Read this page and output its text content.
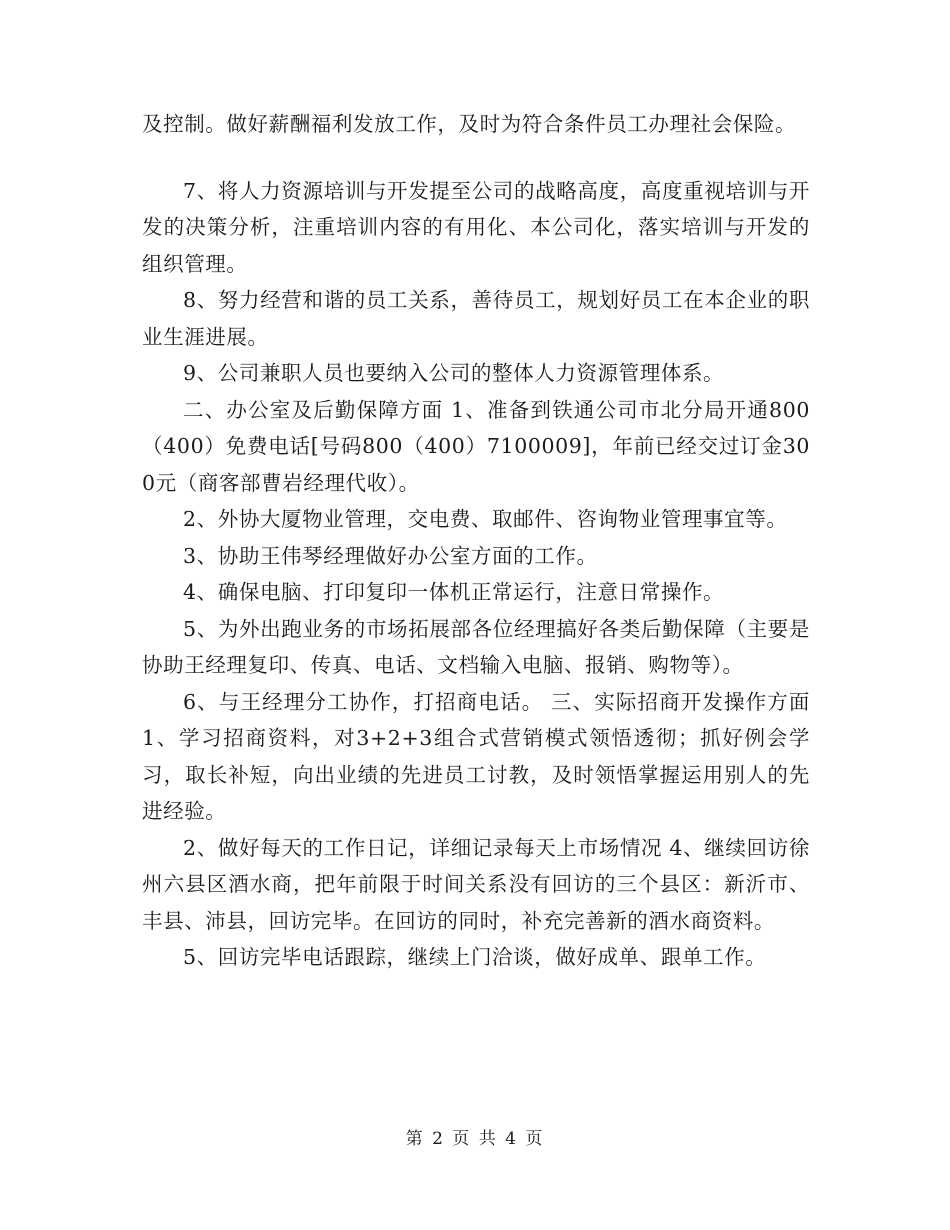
及控制。做好薪酬福利发放工作，及时为符合条件员工办理社会保险。

7、将人力资源培训与开发提至公司的战略高度，高度重视培训与开发的决策分析，注重培训内容的有用化、本公司化，落实培训与开发的组织管理。

8、努力经营和谐的员工关系，善待员工，规划好员工在本企业的职业生涯进展。

9、公司兼职人员也要纳入公司的整体人力资源管理体系。

二、办公室及后勤保障方面 1、准备到铁通公司市北分局开通800（400）免费电话[号码800（400）7100009]，年前已经交过订金300元（商客部曹岩经理代收）。

2、外协大厦物业管理，交电费、取邮件、咨询物业管理事宜等。

3、协助王伟琴经理做好办公室方面的工作。

4、确保电脑、打印复印一体机正常运行，注意日常操作。

5、为外出跑业务的市场拓展部各位经理搞好各类后勤保障（主要是协助王经理复印、传真、电话、文档输入电脑、报销、购物等）。

6、与王经理分工协作，打招商电话。 三、实际招商开发操作方面 1、学习招商资料，对3+2+3组合式营销模式领悟透彻；抓好例会学习，取长补短，向出业绩的先进员工讨教，及时领悟掌握运用别人的先进经验。

2、做好每天的工作日记，详细记录每天上市场情况 4、继续回访徐州六县区酒水商，把年前限于时间关系没有回访的三个县区：新沂市、丰县、沛县，回访完毕。在回访的同时，补充完善新的酒水商资料。

5、回访完毕电话跟踪，继续上门洽谈，做好成单、跟单工作。

第 2 页 共 4 页
